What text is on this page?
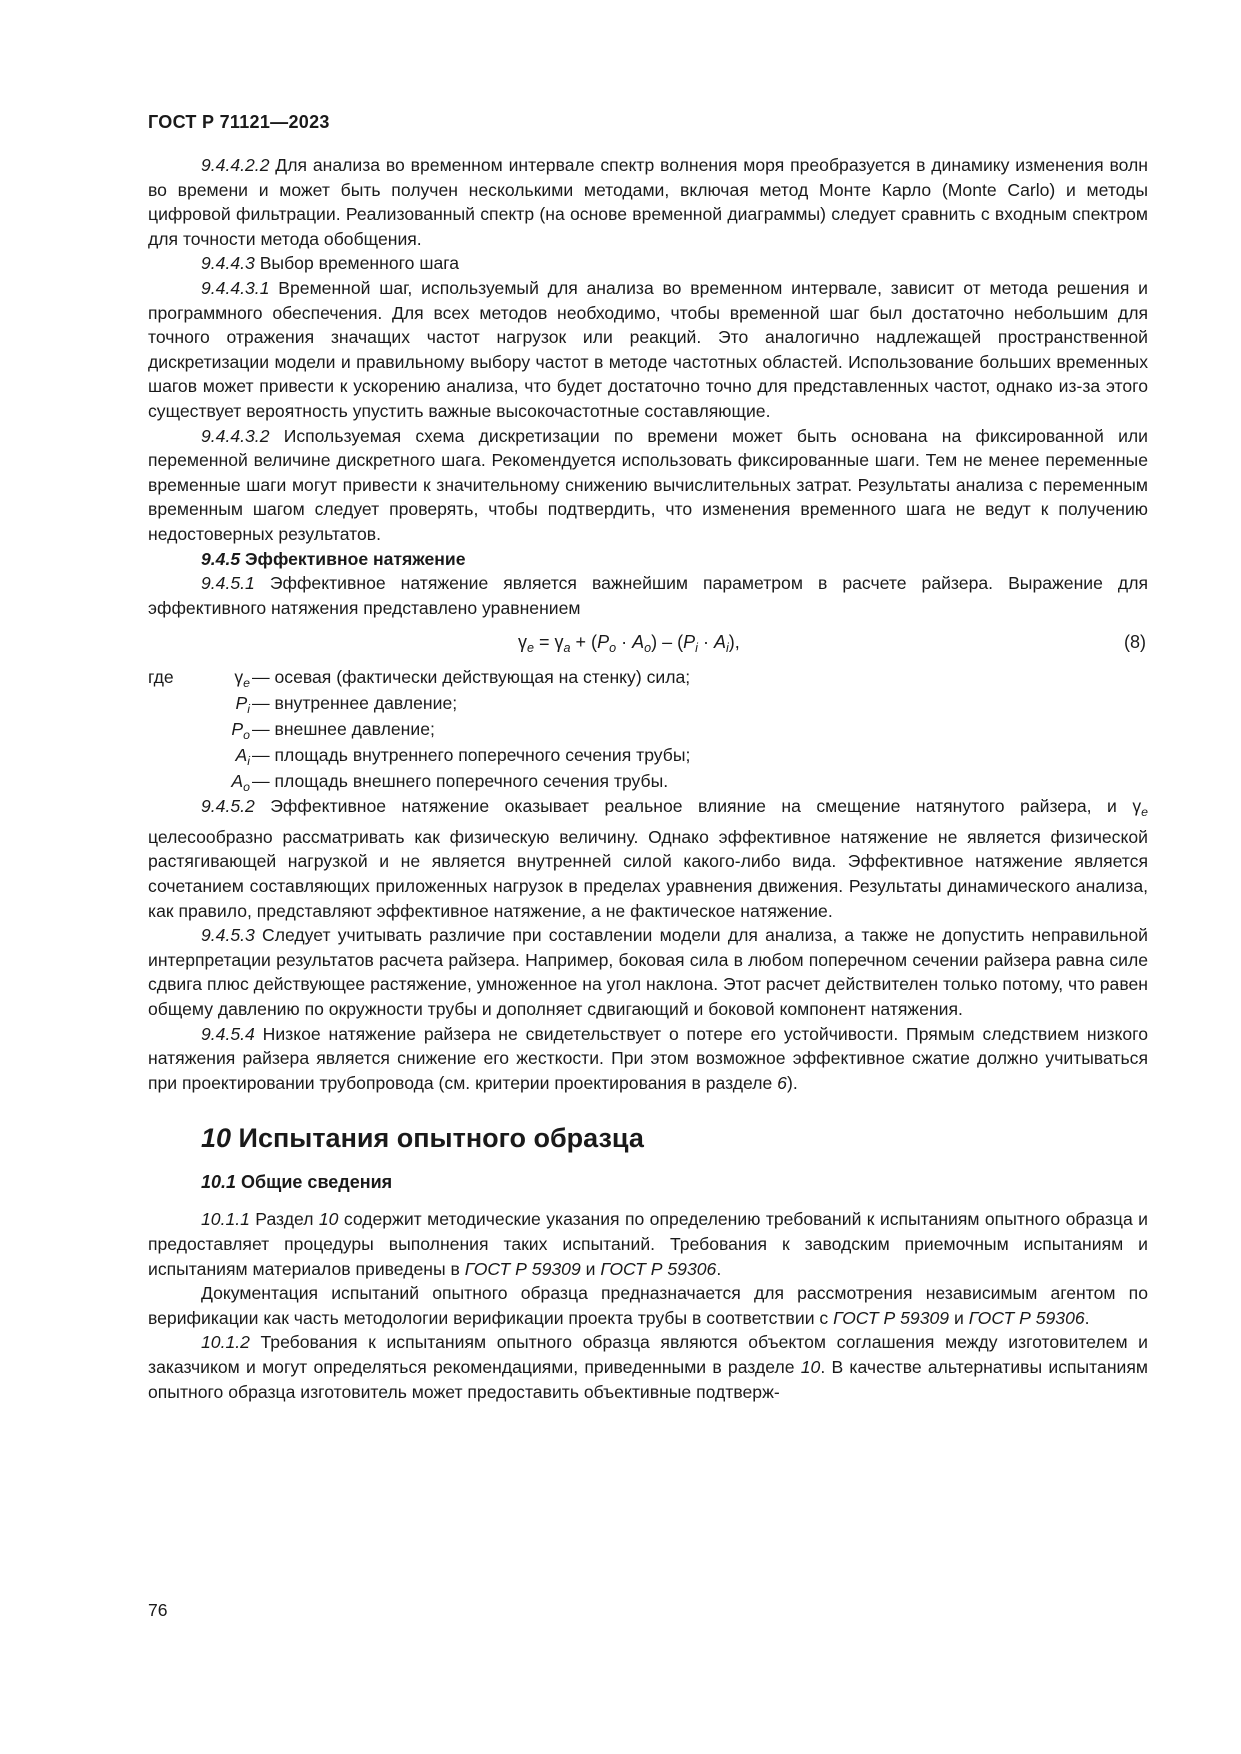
ГОСТ Р 71121—2023

9.4.4.2.2 Для анализа во временном интервале спектр волнения моря преобразуется в динамику изменения волн во времени и может быть получен несколькими методами, включая метод Монте Карло (Monte Carlo) и методы цифровой фильтрации. Реализованный спектр (на основе временной диаграммы) следует сравнить с входным спектром для точности метода обобщения.

9.4.4.3 Выбор временного шага

9.4.4.3.1 Временной шаг, используемый для анализа во временном интервале, зависит от метода решения и программного обеспечения. Для всех методов необходимо, чтобы временной шаг был достаточно небольшим для точного отражения значащих частот нагрузок или реакций. Это аналогично надлежащей пространственной дискретизации модели и правильному выбору частот в методе частотных областей. Использование больших временных шагов может привести к ускорению анализа, что будет достаточно точно для представленных частот, однако из-за этого существует вероятность упустить важные высокочастотные составляющие.

9.4.4.3.2 Используемая схема дискретизации по времени может быть основана на фиксированной или переменной величине дискретного шага. Рекомендуется использовать фиксированные шаги. Тем не менее переменные временные шаги могут привести к значительному снижению вычислительных затрат. Результаты анализа с переменным временным шагом следует проверять, чтобы подтвердить, что изменения временного шага не ведут к получению недостоверных результатов.

9.4.5 Эффективное натяжение

9.4.5.1 Эффективное натяжение является важнейшим параметром в расчете райзера. Выражение для эффективного натяжения представлено уравнением

$\gamma_e = \gamma_a + (P_o \cdot A_o) - (P_i \cdot A_i)$,	(8)
где	$\gamma_e$ — осевая (фактически действующая на стенку) сила;
$P_i$ — внутреннее давление;
$P_o$ — внешнее давление;
$A_i$ — площадь внутреннего поперечного сечения трубы;
$A_o$ — площадь внешнего поперечного сечения трубы.

9.4.5.2 Эффективное натяжение оказывает реальное влияние на смещение натянутого райзера, и $\gamma_e$ целесообразно рассматривать как физическую величину. Однако эффективное натяжение не является физической растягивающей нагрузкой и не является внутренней силой какого-либо вида. Эффективное натяжение является сочетанием составляющих приложенных нагрузок в пределах уравнения движения. Результаты динамического анализа, как правило, представляют эффективное натяжение, а не фактическое натяжение.

9.4.5.3 Следует учитывать различие при составлении модели для анализа, а также не допустить неправильной интерпретации результатов расчета райзера. Например, боковая сила в любом поперечном сечении райзера равна силе сдвига плюс действующее растяжение, умноженное на угол наклона. Этот расчет действителен только потому, что равен общему давлению по окружности трубы и дополняет сдвигающий и боковой компонент натяжения.

9.4.5.4 Низкое натяжение райзера не свидетельствует о потере его устойчивости. Прямым следствием низкого натяжения райзера является снижение его жесткости. При этом возможное эффективное сжатие должно учитываться при проектировании трубопровода (см. критерии проектирования в разделе 6).

10 Испытания опытного образца
10.1 Общие сведения

10.1.1 Раздел 10 содержит методические указания по определению требований к испытаниям опытного образца и предоставляет процедуры выполнения таких испытаний. Требования к заводским приемочным испытаниям и испытаниям материалов приведены в ГОСТ Р 59309 и ГОСТ Р 59306.

Документация испытаний опытного образца предназначается для рассмотрения независимым агентом по верификации как часть методологии верификации проекта трубы в соответствии с ГОСТ Р 59309 и ГОСТ Р 59306.

10.1.2 Требования к испытаниям опытного образца являются объектом соглашения между изготовителем и заказчиком и могут определяться рекомендациями, приведенными в разделе 10. В качестве альтернативы испытаниям опытного образца изготовитель может предоставить объективные подтверж-

76
